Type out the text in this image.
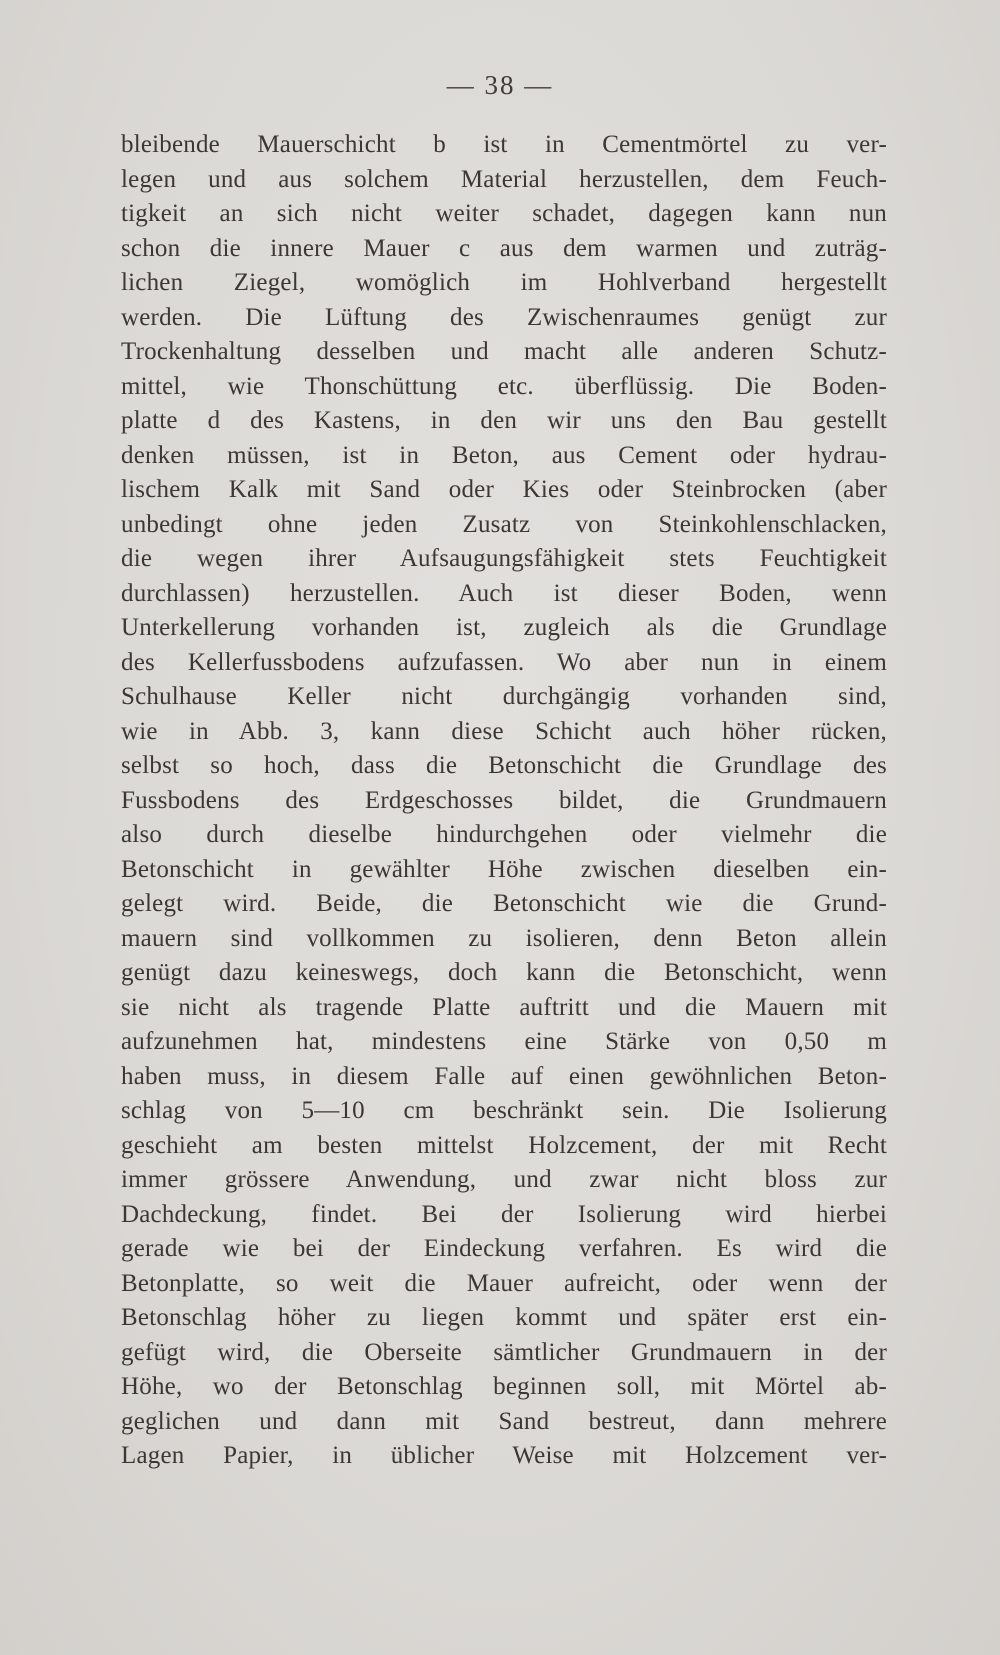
— 38 —
bleibende Mauerschicht b ist in Cementmörtel zu ver-
legen und aus solchem Material herzustellen, dem Feuch-
tigkeit an sich nicht weiter schadet, dagegen kann nun
schon die innere Mauer c aus dem warmen und zuträg-
lichen Ziegel, womöglich im Hohlverband hergestellt
werden. Die Lüftung des Zwischenraumes genügt zur
Trockenhaltung desselben und macht alle anderen Schutz-
mittel, wie Thonschüttung etc. überflüssig. Die Boden-
platte d des Kastens, in den wir uns den Bau gestellt
denken müssen, ist in Beton, aus Cement oder hydrau-
lischem Kalk mit Sand oder Kies oder Steinbrocken (aber
unbedingt ohne jeden Zusatz von Steinkohlenschlacken,
die wegen ihrer Aufsaugungsfähigkeit stets Feuchtigkeit
durchlassen) herzustellen. Auch ist dieser Boden, wenn
Unterkellerung vorhanden ist, zugleich als die Grundlage
des Kellerfussbodens aufzufassen. Wo aber nun in einem
Schulhause Keller nicht durchgängig vorhanden sind,
wie in Abb. 3, kann diese Schicht auch höher rücken,
selbst so hoch, dass die Betonschicht die Grundlage des
Fussbodens des Erdgeschosses bildet, die Grundmauern
also durch dieselbe hindurchgehen oder vielmehr die
Betonschicht in gewählter Höhe zwischen dieselben ein-
gelegt wird. Beide, die Betonschicht wie die Grund-
mauern sind vollkommen zu isolieren, denn Beton allein
genügt dazu keineswegs, doch kann die Betonschicht, wenn
sie nicht als tragende Platte auftritt und die Mauern mit
aufzunehmen hat, mindestens eine Stärke von 0,50 m
haben muss, in diesem Falle auf einen gewöhnlichen Beton-
schlag von 5—10 cm beschränkt sein. Die Isolierung
geschieht am besten mittelst Holzcement, der mit Recht
immer grössere Anwendung, und zwar nicht bloss zur
Dachdeckung, findet. Bei der Isolierung wird hierbei
gerade wie bei der Eindeckung verfahren. Es wird die
Betonplatte, so weit die Mauer aufreicht, oder wenn der
Betonschlag höher zu liegen kommt und später erst ein-
gefügt wird, die Oberseite sämtlicher Grundmauern in der
Höhe, wo der Betonschlag beginnen soll, mit Mörtel ab-
geglichen und dann mit Sand bestreut, dann mehrere
Lagen Papier, in üblicher Weise mit Holzcement ver-
